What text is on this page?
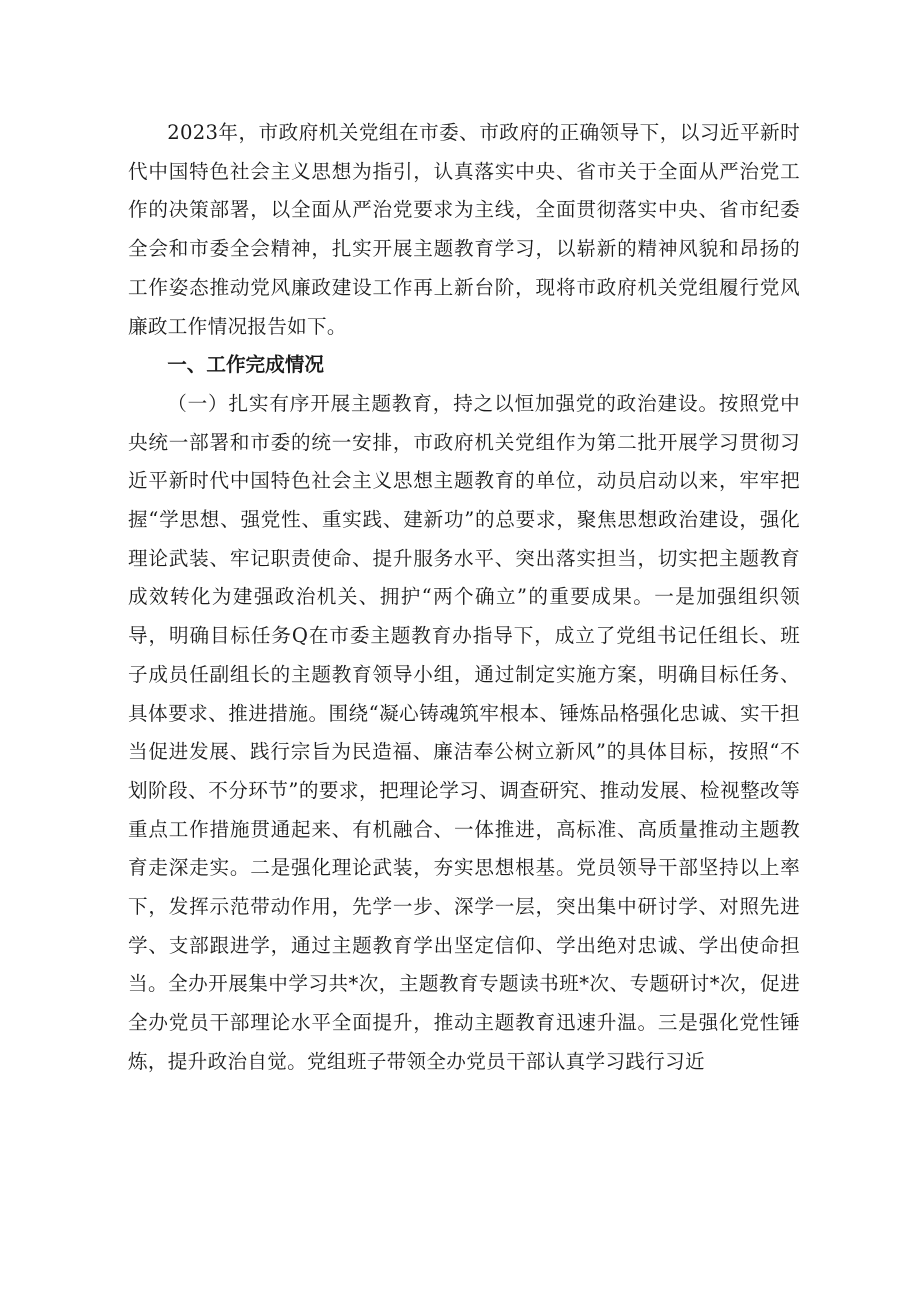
2023年，市政府机关党组在市委、市政府的正确领导下，以习近平新时代中国特色社会主义思想为指引，认真落实中央、省市关于全面从严治党工作的决策部署，以全面从严治党要求为主线，全面贯彻落实中央、省市纪委全会和市委全会精神，扎实开展主题教育学习，以崭新的精神风貌和昂扬的工作姿态推动党风廉政建设工作再上新台阶，现将市政府机关党组履行党风廉政工作情况报告如下。

一、工作完成情况

（一）扎实有序开展主题教育，持之以恒加强党的政治建设。按照党中央统一部署和市委的统一安排，市政府机关党组作为第二批开展学习贯彻习近平新时代中国特色社会主义思想主题教育的单位，动员启动以来，牢牢把握“学思想、强党性、重实践、建新功”的总要求，聚焦思想政治建设，强化理论武装、牢记职责使命、提升服务水平、突出落实担当，切实把主题教育成效转化为建强政治机关、拥护“两个确立”的重要成果。一是加强组织领导，明确目标任务Q在市委主题教育办指导下，成立了党组书记任组长、班子成员任副组长的主题教育领导小组，通过制定实施方案，明确目标任务、具体要求、推进措施。围绕“凝心铸魂筑牢根本、锤炼品格强化忠诚、实干担当促进发展、践行宗旨为民造福、廉洁奉公树立新风”的具体目标，按照“不划阶段、不分环节”的要求，把理论学习、调查研究、推动发展、检视整改等重点工作措施贯通起来、有机融合、一体推进，高标准、高质量推动主题教育走深走实。二是强化理论武装，夯实思想根基。党员领导干部坚持以上率下，发挥示范带动作用，先学一步、深学一层，突出集中研讨学、对照先进学、支部跟进学，通过主题教育学出坚定信仰、学出绝对忠诚、学出使命担当。全办开展集中学习共*次，主题教育专题读书班*次、专题研讨*次，促进全办党员干部理论水平全面提升，推动主题教育迅速升温。三是强化党性锤炼，提升政治自觉。党组班子带领全办党员干部认真学习践行习近
